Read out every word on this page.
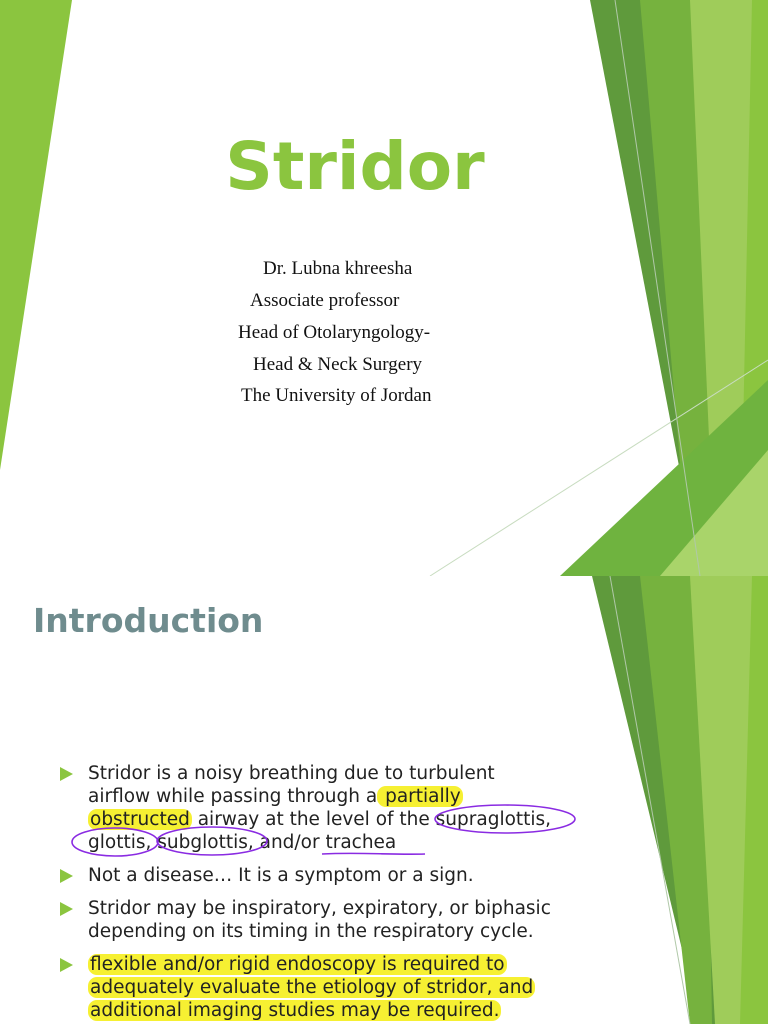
Stridor
Dr. Lubna khreesha
Associate professor
Head of Otolaryngology-
Head & Neck Surgery
The University of Jordan
Introduction
Stridor is a noisy breathing due to turbulent
airflow while passing through a partially
obstructed airway at the level of the supraglottis,
glottis, subglottis, and/or trachea
Not a disease… It is a symptom or a sign.
Stridor may be inspiratory, expiratory, or biphasic
depending on its timing in the respiratory cycle.
flexible and/or rigid endoscopy is required to
adequately evaluate the etiology of stridor, and
additional imaging studies may be required.
